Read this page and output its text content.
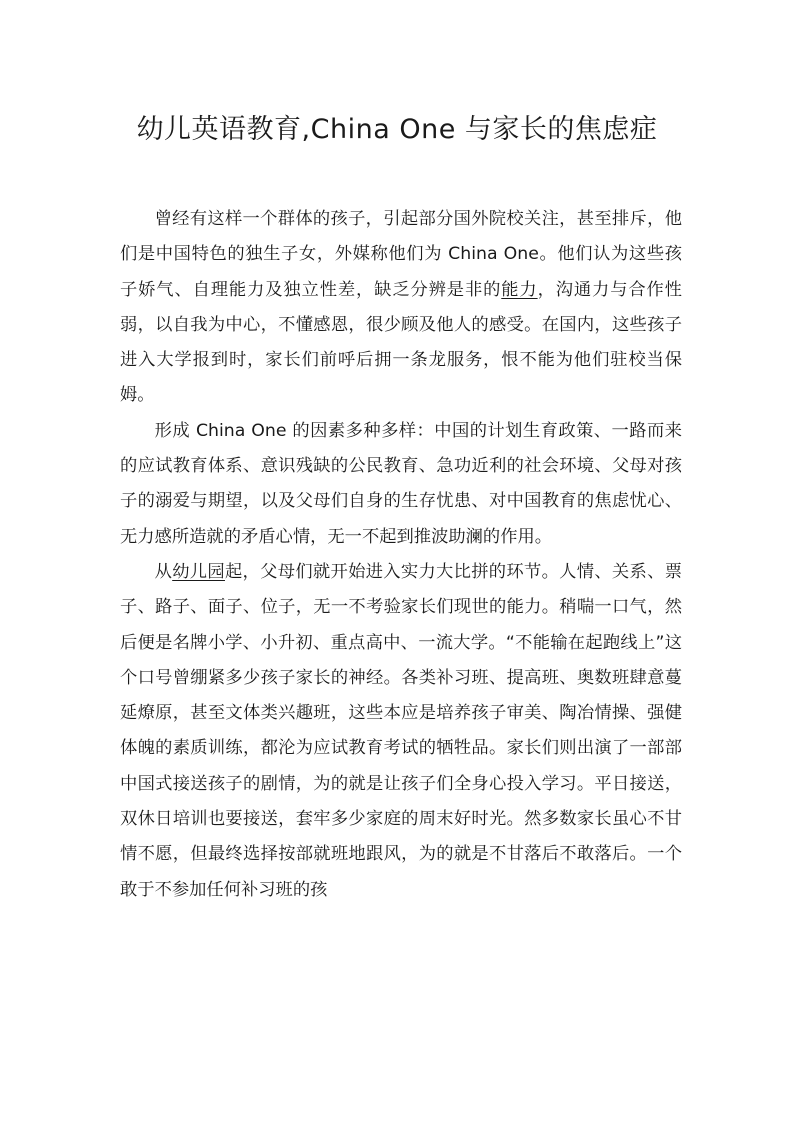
幼儿英语教育,China One 与家长的焦虑症

曾经有这样一个群体的孩子，引起部分国外院校关注，甚至排斥，他们是中国特色的独生子女，外媒称他们为 China One。他们认为这些孩子娇气、自理能力及独立性差，缺乏分辨是非的能力，沟通力与合作性弱，以自我为中心，不懂感恩，很少顾及他人的感受。在国内，这些孩子进入大学报到时，家长们前呼后拥一条龙服务，恨不能为他们驻校当保姆。

形成 China One 的因素多种多样：中国的计划生育政策、一路而来的应试教育体系、意识残缺的公民教育、急功近利的社会环境、父母对孩子的溺爱与期望，以及父母们自身的生存忧患、对中国教育的焦虑忧心、无力感所造就的矛盾心情，无一不起到推波助澜的作用。

从幼儿园起，父母们就开始进入实力大比拼的环节。人情、关系、票子、路子、面子、位子，无一不考验家长们现世的能力。稍喘一口气，然后便是名牌小学、小升初、重点高中、一流大学。“不能输在起跑线上”这个口号曾绷紧多少孩子家长的神经。各类补习班、提高班、奥数班肆意蔓延燎原，甚至文体类兴趣班，这些本应是培养孩子审美、陶冶情操、强健体魄的素质训练，都沦为应试教育考试的牺牲品。家长们则出演了一部部中国式接送孩子的剧情，为的就是让孩子们全身心投入学习。平日接送，双休日培训也要接送，套牢多少家庭的周末好时光。然多数家长虽心不甘情不愿，但最终选择按部就班地跟风，为的就是不甘落后不敢落后。一个敢于不参加任何补习班的孩
